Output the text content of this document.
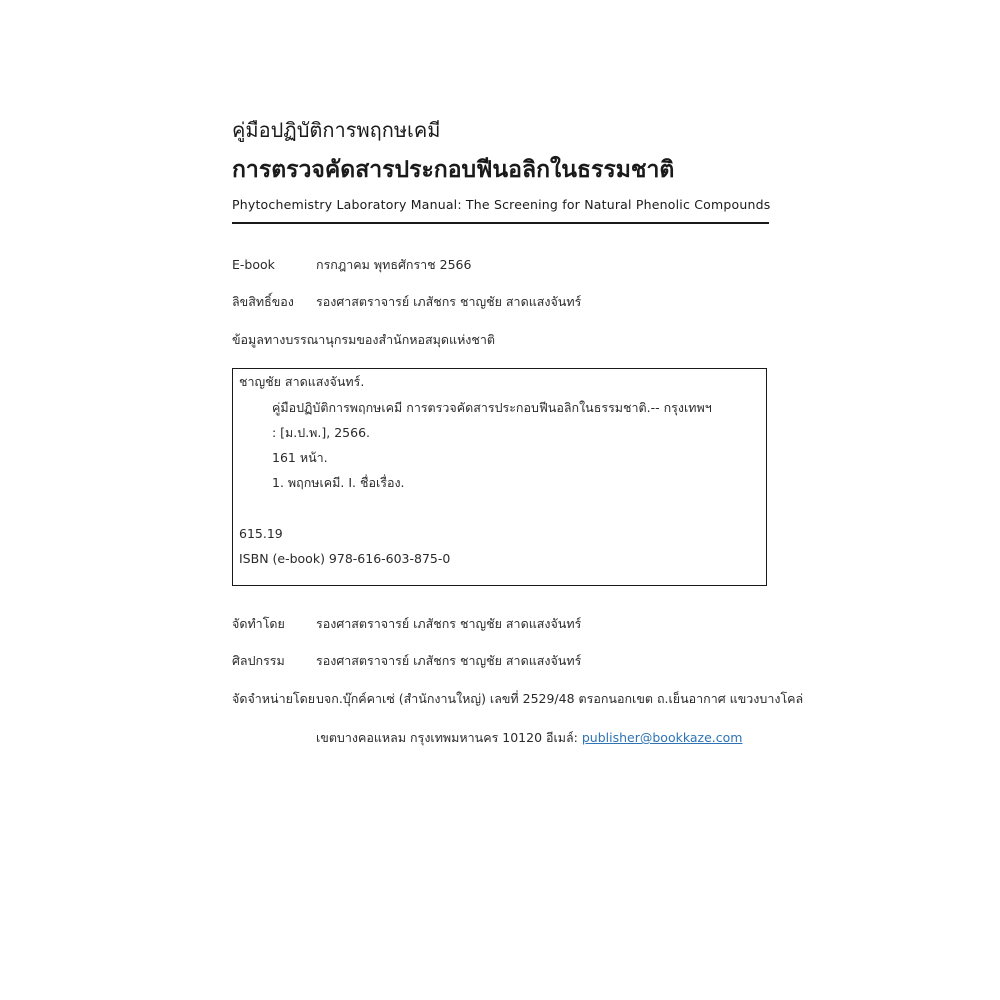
คู่มือปฏิบัติการพฤกษเคมี
การตรวจคัดสารประกอบฟีนอลิกในธรรมชาติ
Phytochemistry Laboratory Manual: The Screening for Natural Phenolic Compounds
E-book	กรกฎาคม พุทธศักราช 2566
ลิขสิทธิ์ของ รองศาสตราจารย์ เภสัชกร ชาญชัย สาดแสงจันทร์
ข้อมูลทางบรรณานุกรมของสำนักหอสมุดแห่งชาติ
ชาญชัย สาดแสงจันทร์.
คู่มือปฏิบัติการพฤกษเคมี การตรวจคัดสารประกอบฟีนอลิกในธรรมชาติ.-- กรุงเทพฯ
: [ม.ป.พ.], 2566.
161 หน้า.
1. พฤกษเคมี. I. ชื่อเรื่อง.
615.19
ISBN (e-book) 978-616-603-875-0
จัดทำโดย รองศาสตราจารย์ เภสัชกร ชาญชัย สาดแสงจันทร์
ศิลปกรรม รองศาสตราจารย์ เภสัชกร ชาญชัย สาดแสงจันทร์
จัดจำหน่ายโดย บจก.บุ๊กค์คาเซ่ (สำนักงานใหญ่) เลขที่ 2529/48 ตรอกนอกเขต ถ.เย็นอากาศ แขวงบางโคล่
เขตบางคอแหลม กรุงเทพมหานคร 10120 อีเมล์: publisher@bookkaze.com
